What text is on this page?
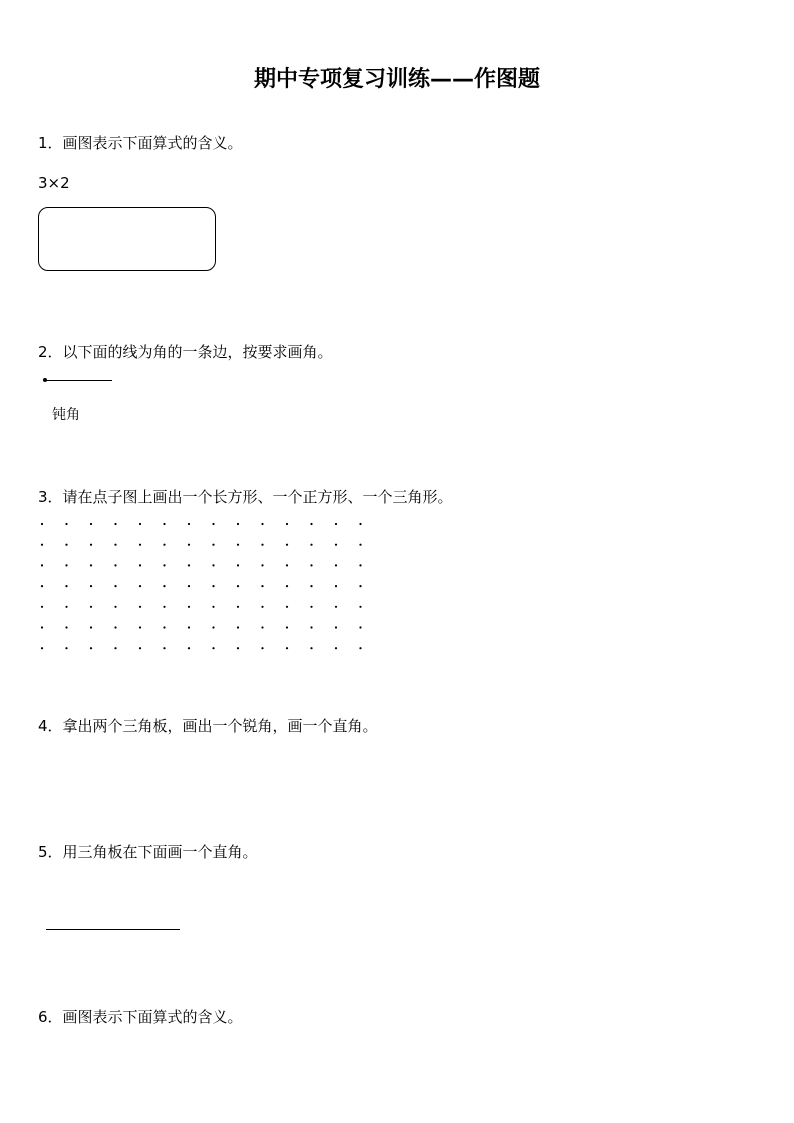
期中专项复习训练——作图题
1．画图表示下面算式的含义。
3×2
2．以下面的线为角的一条边，按要求画角。
钝角
3．请在点子图上画出一个长方形、一个正方形、一个三角形。
4．拿出两个三角板，画出一个锐角，画一个直角。
5．用三角板在下面画一个直角。
6．画图表示下面算式的含义。
